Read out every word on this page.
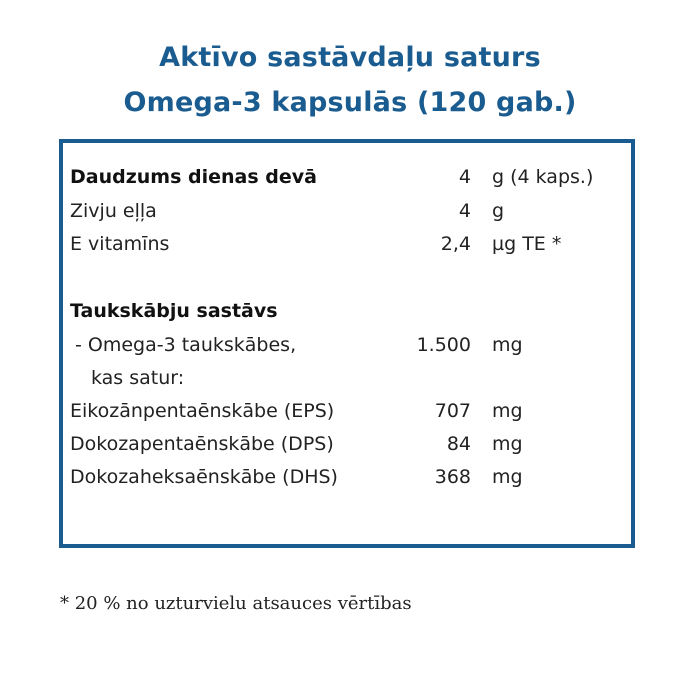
Aktīvo sastāvdaļu saturs
Omega-3 kapsulās (120 gab.)
Daudzums dienas devā	4 g (4 kaps.)
Zivju eļļa	4 g
E vitamīns	2,4 µg TE *
Taukskābju sastāvs
- Omega-3 taukskābes,	1.500 mg
kas satur:
Eikozānpentaēnskābe (EPS)	707 mg
Dokozapentaēnskābe (DPS)	84 mg
Dokozaheksaēnskābe (DHS)	368 mg
* 20 % no uzturvielu atsauces vērtības
